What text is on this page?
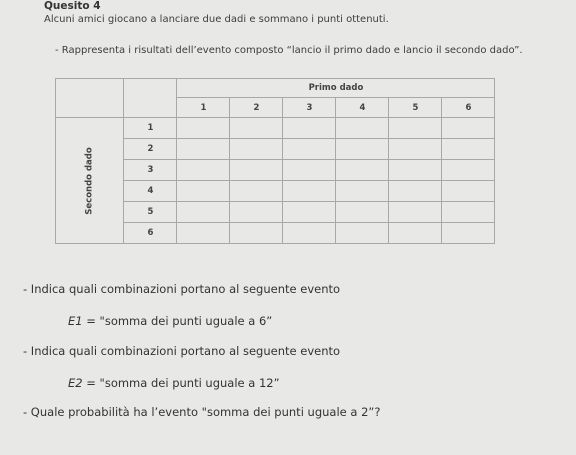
Quesito 4
Alcuni amici giocano a lanciare due dadi e sommano i punti ottenuti.
- Rappresenta i risultati dell’evento composto “lancio il primo dado e lancio il secondo dado”.
		Primo dado					
		1	2	3	4	5	6
Secondo dado	1						
	2						
	3						
	4						
	5						
	6						
- Indica quali combinazioni portano al seguente evento
E1 = "somma dei punti uguale a 6”
- Indica quali combinazioni portano al seguente evento
E2 = "somma dei punti uguale a 12”
- Quale probabilità ha l’evento "somma dei punti uguale a 2”?
